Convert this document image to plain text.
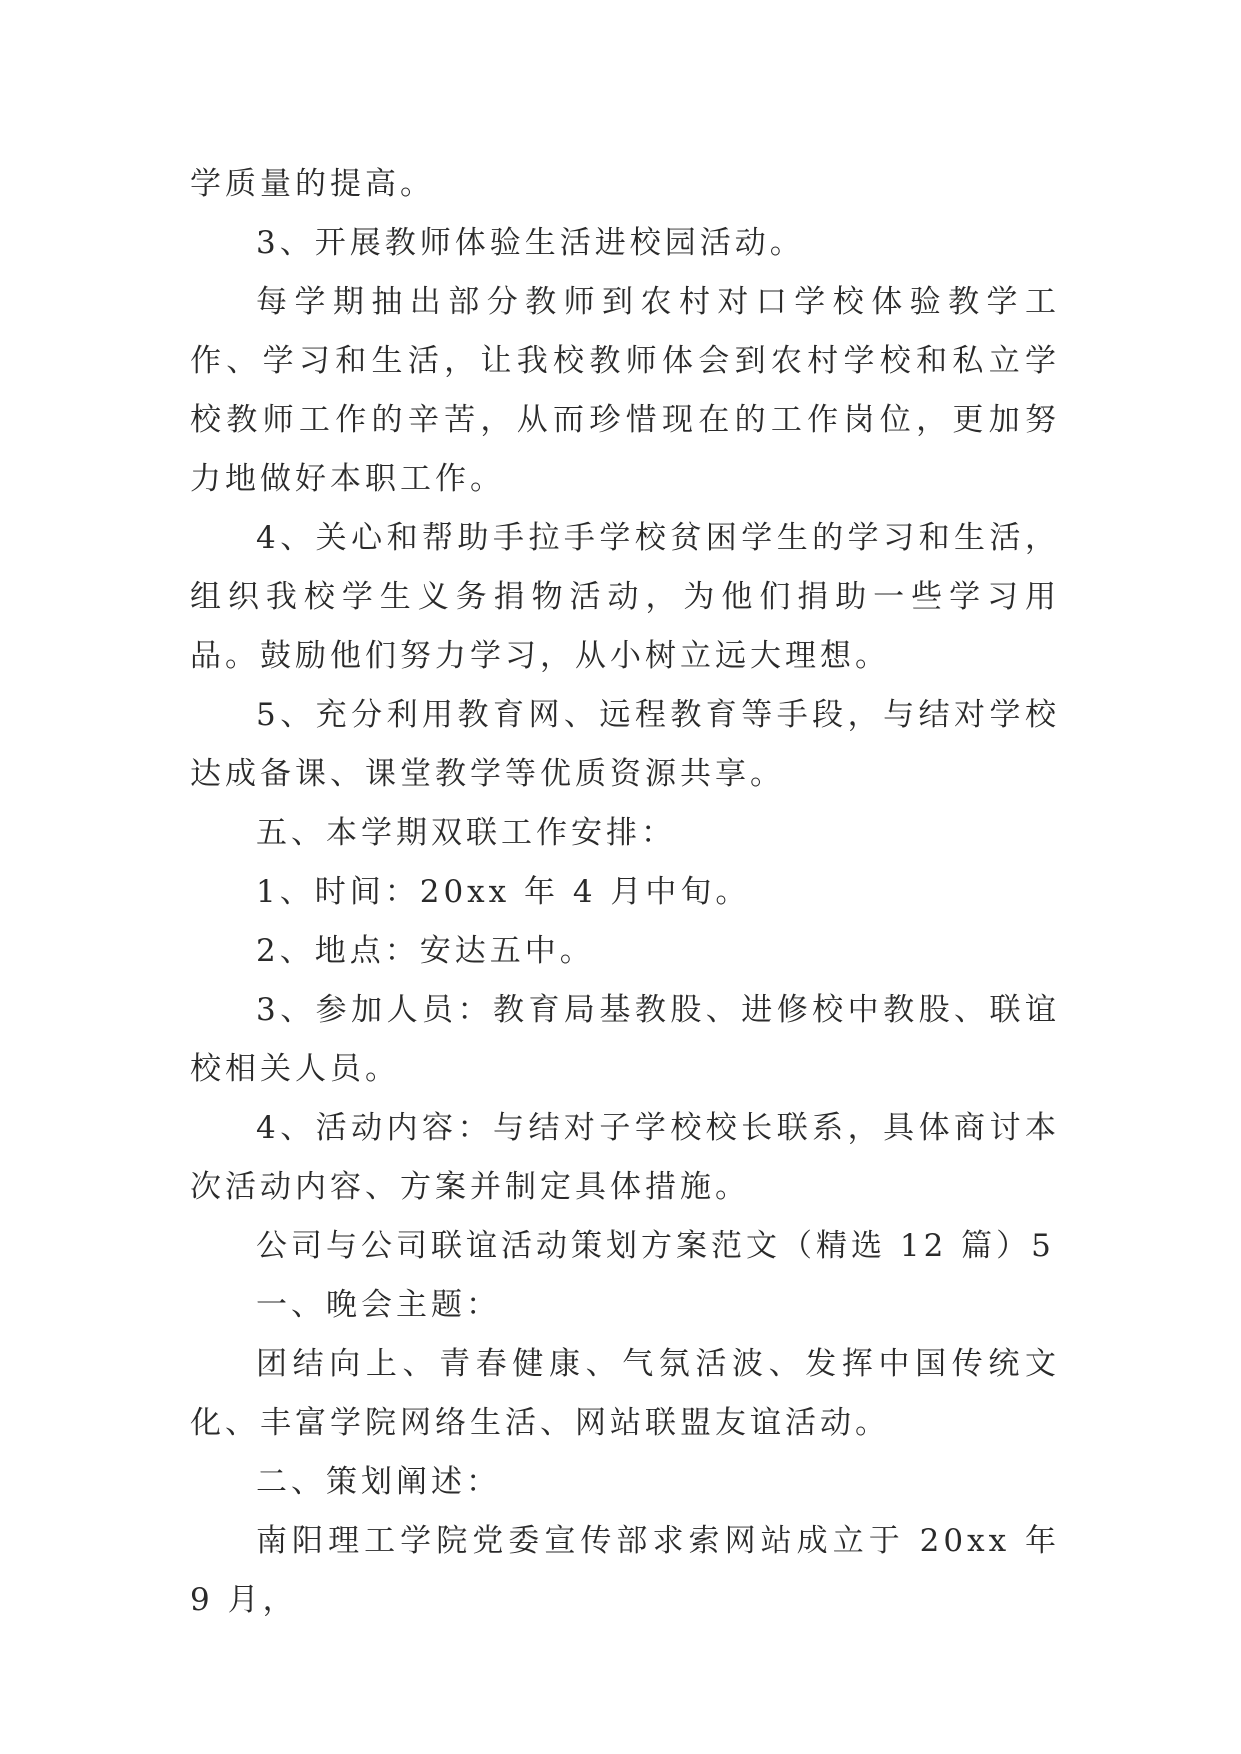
学质量的提高。

3、开展教师体验生活进校园活动。

每学期抽出部分教师到农村对口学校体验教学工作、学习和生活，让我校教师体会到农村学校和私立学校教师工作的辛苦，从而珍惜现在的工作岗位，更加努力地做好本职工作。

4、关心和帮助手拉手学校贫困学生的学习和生活，组织我校学生义务捐物活动，为他们捐助一些学习用品。鼓励他们努力学习，从小树立远大理想。

5、充分利用教育网、远程教育等手段，与结对学校达成备课、课堂教学等优质资源共享。

五、本学期双联工作安排：

1、时间：20xx 年 4 月中旬。

2、地点：安达五中。

3、参加人员：教育局基教股、进修校中教股、联谊校相关人员。

4、活动内容：与结对子学校校长联系，具体商讨本次活动内容、方案并制定具体措施。

公司与公司联谊活动策划方案范文（精选 12 篇）5

一、晚会主题：

团结向上、青春健康、气氛活波、发挥中国传统文化、丰富学院网络生活、网站联盟友谊活动。

二、策划阐述：

南阳理工学院党委宣传部求索网站成立于 20xx 年 9 月，
